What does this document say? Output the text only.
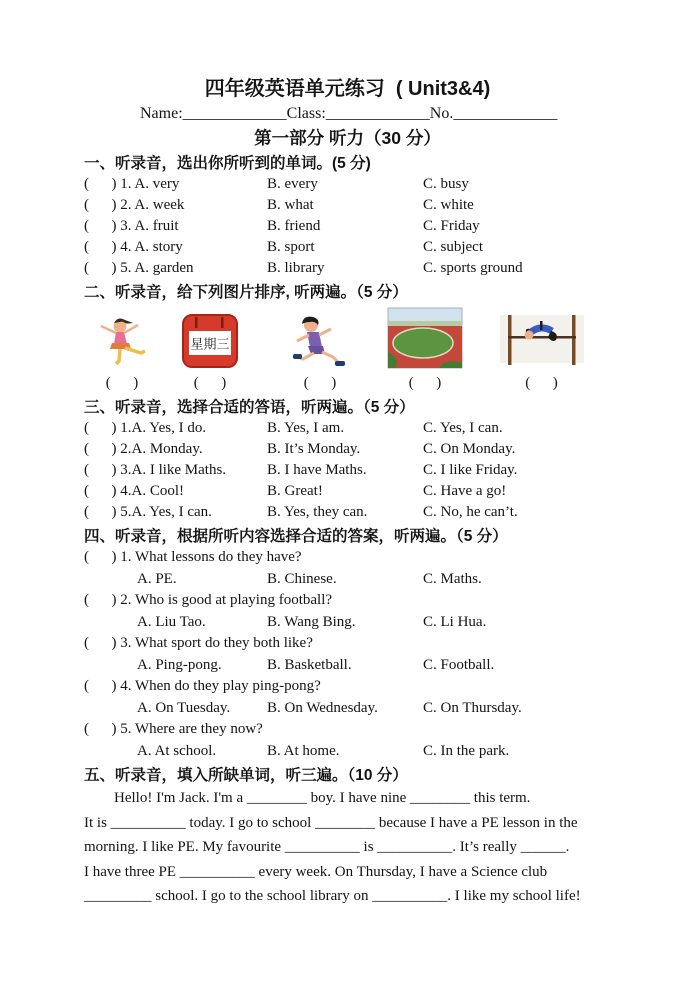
四年级英语单元练习  ( Unit3&4)
Name:_____________Class:_____________No._____________
第一部分 听力（30 分）
一、听录音，选出你所听到的单词。(5 分)
(      ) 1. A. very	B. every	C. busy
(      ) 2. A. week	B. what	C. white
(      ) 3. A. fruit	B. friend	C. Friday
(      ) 4. A. story	B. sport	C. subject
(      ) 5. A. garden	B. library	C. sports ground
二、听录音，给下列图片排序, 听两遍。（5 分）
星期三
(      )	(      )	(      )	(      )	(      )
三、听录音，选择合适的答语，听两遍。（5 分）
(      ) 1.A. Yes, I do.	B. Yes, I am.	C. Yes, I can.
(      ) 2.A. Monday.	B. It’s Monday.	C. On Monday.
(      ) 3.A. I like Maths.	B. I have Maths.	C. I like Friday.
(      ) 4.A. Cool!	B. Great!	C. Have a go!
(      ) 5.A. Yes, I can.	B. Yes, they can.	C. No, he can’t.
四、听录音，根据所听内容选择合适的答案，听两遍。（5 分）
(      ) 1. What lessons do they have?
A. PE.	B. Chinese.	C. Maths.
(      ) 2. Who is good at playing football?
A. Liu Tao.	B. Wang Bing.	C. Li Hua.
(      ) 3. What sport do they both like?
A. Ping-pong.	B. Basketball.	C. Football.
(      ) 4. When do they play ping-pong?
A. On Tuesday.	B. On Wednesday.	C. On Thursday.
(      ) 5. Where are they now?
A. At school.	B. At home.	C. In the park.
五、听录音，填入所缺单词，听三遍。（10 分）
Hello! I'm Jack. I'm a ________ boy. I have nine ________ this term.
It is __________ today. I go to school ________ because I have a PE lesson in the
morning. I like PE. My favourite __________ is __________. It’s really ______.
I have three PE __________ every week. On Thursday, I have a Science club
_________ school. I go to the school library on __________. I like my school life!
